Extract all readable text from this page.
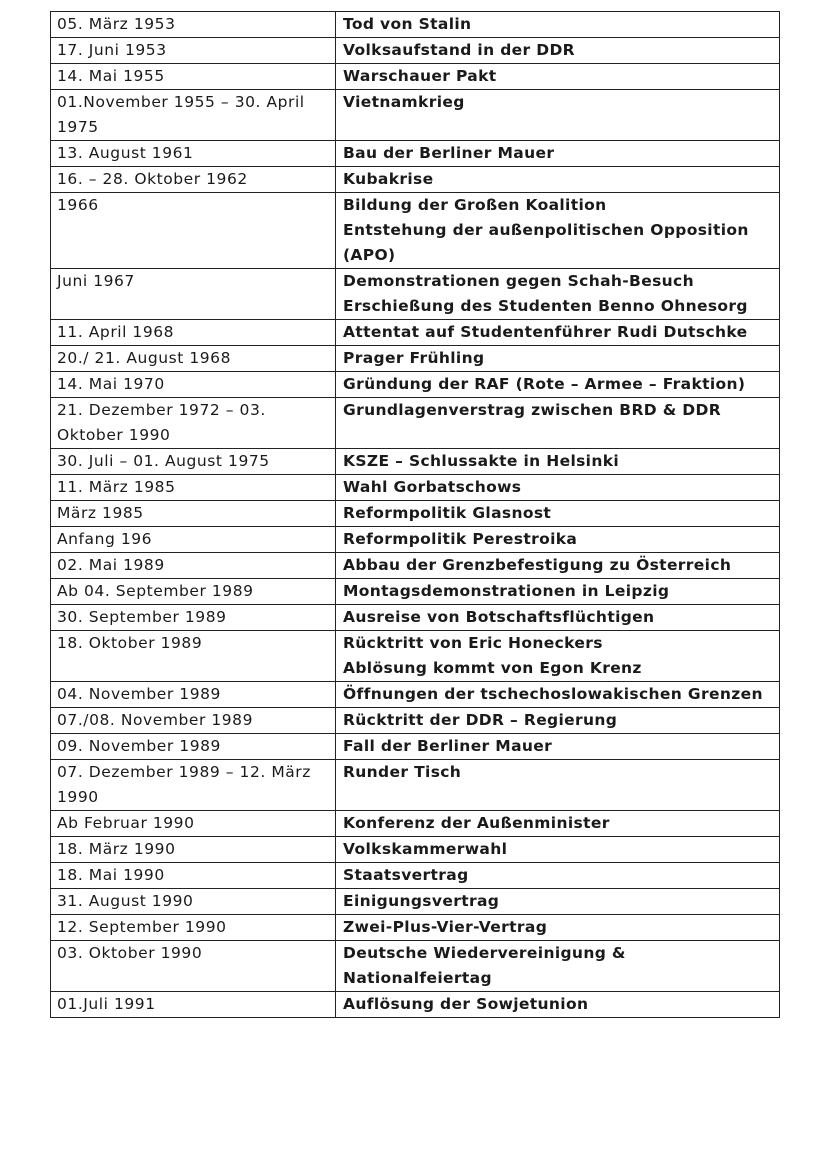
05. März 1953	Tod von Stalin

17. Juni 1953	Volksaufstand in der DDR

14. Mai 1955	Warschauer Pakt

01.November 1955 – 30. April 1975	Vietnamkrieg

13. August 1961	Bau der Berliner Mauer

16. – 28. Oktober 1962	Kubakrise

1966	Bildung der Großen Koalition
Entstehung der außenpolitischen Opposition (APO)

Juni 1967	Demonstrationen gegen Schah-Besuch
Erschießung des Studenten Benno Ohnesorg

11. April 1968	Attentat auf Studentenführer Rudi Dutschke

20./ 21. August 1968	Prager Frühling

14. Mai 1970	Gründung der RAF (Rote – Armee – Fraktion)

21. Dezember 1972 – 03. Oktober 1990	Grundlagenverstrag zwischen BRD & DDR

30. Juli – 01. August 1975	KSZE – Schlussakte in Helsinki

11. März 1985	Wahl Gorbatschows

März 1985	Reformpolitik Glasnost

Anfang 196	Reformpolitik Perestroika

02. Mai 1989	Abbau der Grenzbefestigung zu Österreich

Ab 04. September 1989	Montagsdemonstrationen in Leipzig

30. September 1989	Ausreise von Botschaftsflüchtigen

18. Oktober 1989	Rücktritt von Eric Honeckers
Ablösung kommt von Egon Krenz

04. November 1989	Öffnungen der tschechoslowakischen Grenzen

07./08. November 1989	Rücktritt der DDR – Regierung

09. November 1989	Fall der Berliner Mauer

07. Dezember 1989 – 12. März 1990	Runder Tisch

Ab Februar 1990	Konferenz der Außenminister

18. März 1990	Volkskammerwahl

18. Mai 1990	Staatsvertrag

31. August 1990	Einigungsvertrag

12. September 1990	Zwei-Plus-Vier-Vertrag

03. Oktober 1990	Deutsche Wiedervereinigung & Nationalfeiertag

01.Juli 1991	Auflösung der Sowjetunion
